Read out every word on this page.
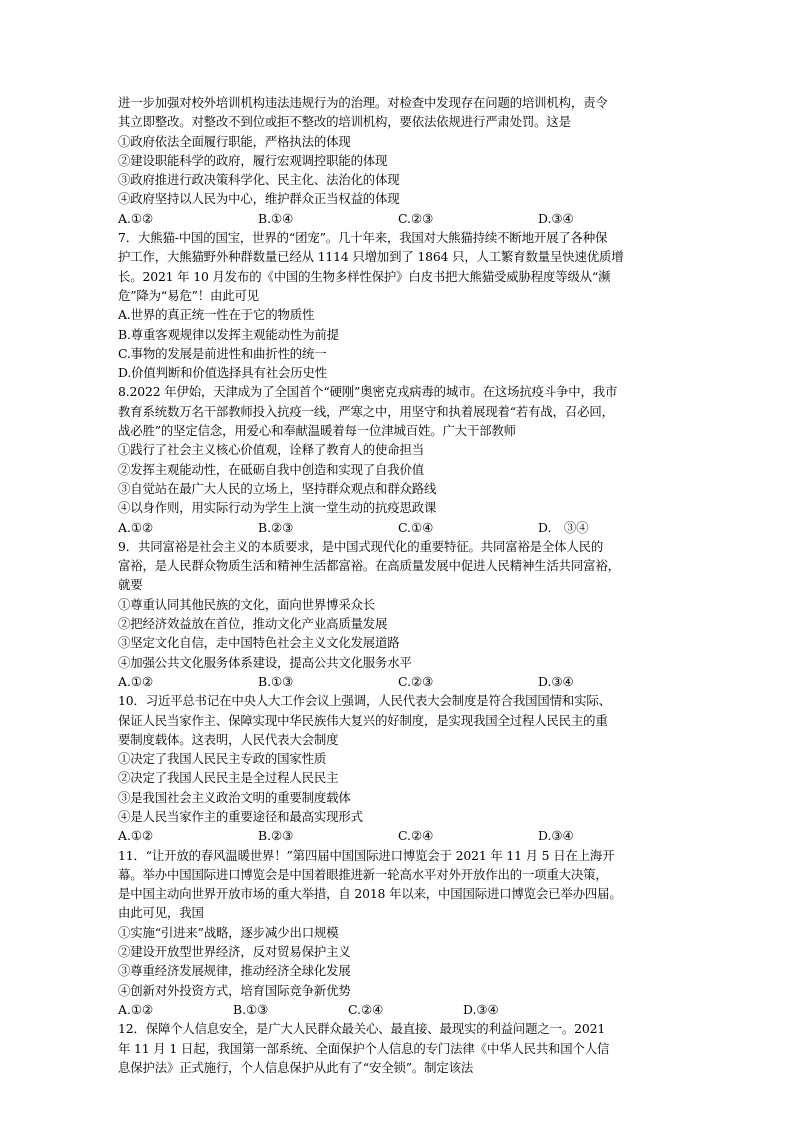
进一步加强对校外培训机构违法违规行为的治理。对检查中发现存在问题的培训机构，责令
其立即整改。对整改不到位或拒不整改的培训机构，要依法依规进行严肃处罚。这是
①政府依法全面履行职能，严格执法的体现
②建设职能科学的政府，履行宏观调控职能的体现
③政府推进行政决策科学化、民主化、法治化的体现
④政府坚持以人民为中心，维护群众正当权益的体现
A.①②	B.①④	C.②③	D.③④
7．大熊猫-中国的国宝，世界的“团宠”。几十年来，我国对大熊猫持续不断地开展了各种保
护工作，大熊猫野外种群数量已经从 1114 只增加到了 1864 只，人工繁育数量呈快速优质增
长。2021 年 10 月发布的《中国的生物多样性保护》白皮书把大熊猫受威胁程度等级从“濒
危”降为“易危”！由此可见
A.世界的真正统一性在于它的物质性
B.尊重客观规律以发挥主观能动性为前提
C.事物的发展是前进性和曲折性的统一
D.价值判断和价值选择具有社会历史性
8.2022 年伊始，天津成为了全国首个“硬刚”奥密克戎病毒的城市。在这场抗疫斗争中，我市
教育系统数万名干部教师投入抗疫一线，严寒之中，用坚守和执着展现着“若有战，召必回，
战必胜”的坚定信念，用爱心和奉献温暖着每一位津城百姓。广大干部教师
①践行了社会主义核心价值观，诠释了教育人的使命担当
②发挥主观能动性，在砥砺自我中创造和实现了自我价值
③自觉站在最广大人民的立场上，坚持群众观点和群众路线
④以身作则，用实际行动为学生上演一堂生动的抗疫思政课
A.①②	B.②③	C.①④	D.　③④
9．共同富裕是社会主义的本质要求，是中国式现代化的重要特征。共同富裕是全体人民的
富裕，是人民群众物质生活和精神生活都富裕。在高质量发展中促进人民精神生活共同富裕，
就要
①尊重认同其他民族的文化，面向世界博采众长
②把经济效益放在首位，推动文化产业高质量发展
③坚定文化自信，走中国特色社会主义文化发展道路
④加强公共文化服务体系建设，提高公共文化服务水平
A.①②	B.①③	C.②③	D.③④
10．习近平总书记在中央人大工作会议上强调，人民代表大会制度是符合我国国情和实际、
保证人民当家作主、保障实现中华民族伟大复兴的好制度，是实现我国全过程人民民主的重
要制度载体。这表明，人民代表大会制度
①决定了我国人民民主专政的国家性质
②决定了我国人民民主是全过程人民民主
③是我国社会主义政治文明的重要制度载体
④是人民当家作主的重要途径和最高实现形式
A.①②	B.②③	C.②④	D.③④
11．“让开放的春风温暖世界！”第四届中国国际进口博览会于 2021 年 11 月 5 日在上海开
幕。举办中国国际进口博览会是中国着眼推进新一轮高水平对外开放作出的一项重大决策，
是中国主动向世界开放市场的重大举措，自 2018 年以来，中国国际进口博览会已举办四届。
由此可见，我国
①实施“引进来”战略，逐步减少出口规模
②建设开放型世界经济，反对贸易保护主义
③尊重经济发展规律，推动经济全球化发展
④创新对外投资方式，培育国际竞争新优势
A.①②	B.①③	C.②④	D.③④
12．保障个人信息安全，是广大人民群众最关心、最直接、最现实的利益问题之一。2021
年 11 月 1 日起，我国第一部系统、全面保护个人信息的专门法律《中华人民共和国个人信
息保护法》正式施行，个人信息保护从此有了“安全锁”。制定该法
